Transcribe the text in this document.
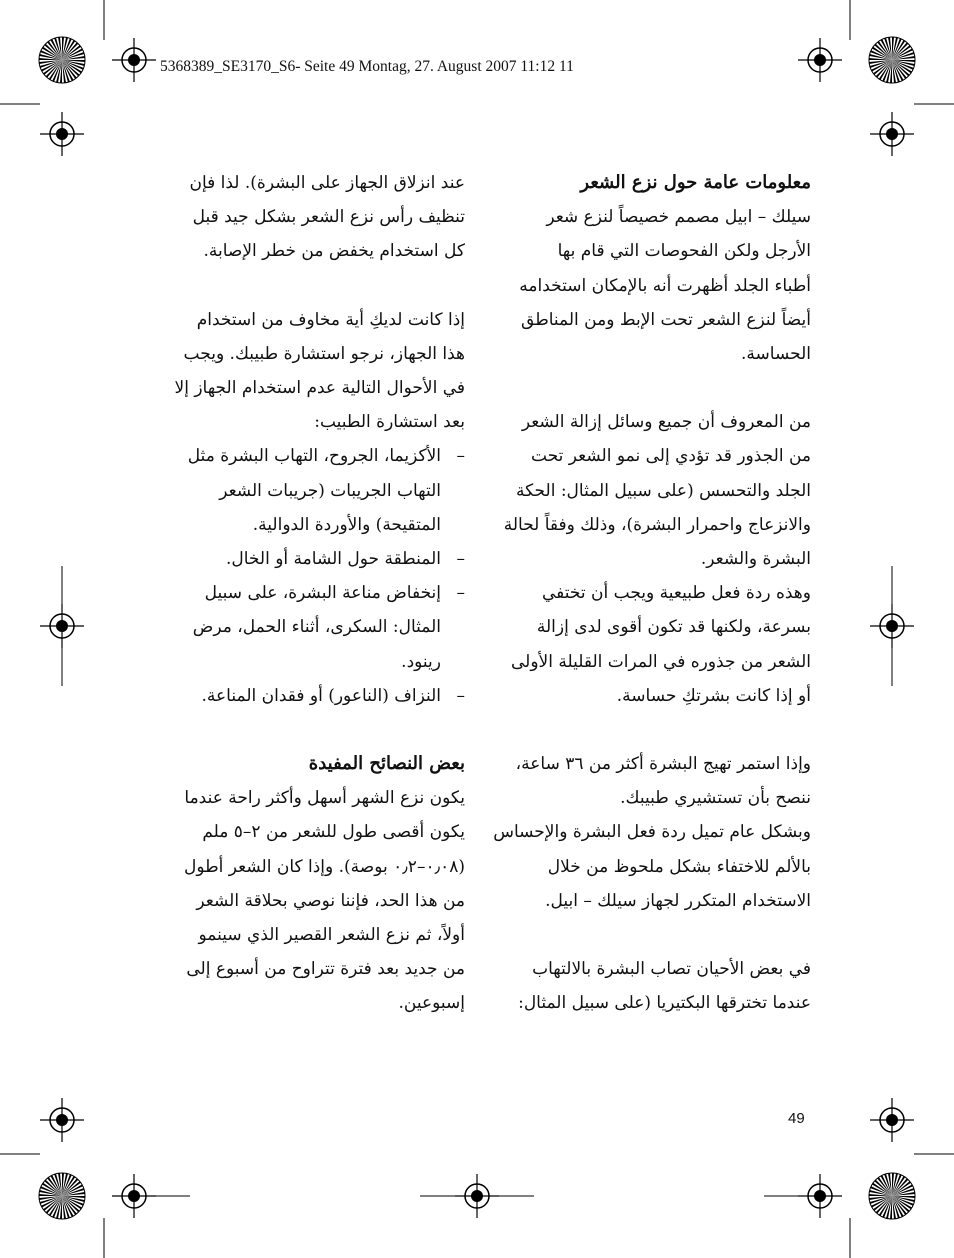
5368389_SE3170_S6- Seite 49 Montag, 27. August 2007 11:12 11
معلومات عامة حول نزع الشعر
سيلك – ابيل مصمم خصيصاً لنزع شعر
الأرجل ولكن الفحوصات التي قام بها
أطباء الجلد أظهرت أنه بالإمكان استخدامه
أيضاً لنزع الشعر تحت الإبط ومن المناطق
الحساسة.
من المعروف أن جميع وسائل إزالة الشعر
من الجذور قد تؤدي إلى نمو الشعر تحت
الجلد والتحسس (على سبيل المثال: الحكة
والانزعاج واحمرار البشرة)، وذلك وفقاً لحالة
البشرة والشعر.
وهذه ردة فعل طبيعية ويجب أن تختفي
بسرعة، ولكنها قد تكون أقوى لدى إزالة
الشعر من جذوره في المرات القليلة الأولى
أو إذا كانت بشرتكِ حساسة.
وإذا استمر تهيج البشرة أكثر من ٣٦ ساعة،
ننصح بأن تستشيري طبيبك.
وبشكل عام تميل ردة فعل البشرة والإحساس
بالألم للاختفاء بشكل ملحوظ من خلال
الاستخدام المتكرر لجهاز سيلك – ابيل.
في بعض الأحيان تصاب البشرة بالالتهاب
عندما تخترقها البكتيريا (على سبيل المثال:
عند انزلاق الجهاز على البشرة). لذا فإن
تنظيف رأس نزع الشعر بشكل جيد قبل
كل استخدام يخفض من خطر الإصابة.
إذا كانت لديكِ أية مخاوف من استخدام
هذا الجهاز، نرجو استشارة طبيبك. ويجب
في الأحوال التالية عدم استخدام الجهاز إلا
بعد استشارة الطبيب:
–
الأكزيما، الجروح، التهاب البشرة مثل
التهاب الجريبات (جريبات الشعر
المتقيحة) والأوردة الدوالية.
–
المنطقة حول الشامة أو الخال.
–
إنخفاض مناعة البشرة، على سبيل
المثال: السكرى، أثناء الحمل، مرض
رينود.
–
النزاف (الناعور) أو فقدان المناعة.
بعض النصائح المفيدة
يكون نزع الشهر أسهل وأكثر راحة عندما
يكون أقصى طول للشعر من ٢–٥ ملم
(٠٫٠٨–٠٫٢ بوصة). وإذا كان الشعر أطول
من هذا الحد، فإننا نوصي بحلاقة الشعر
أولاً، ثم نزع الشعر القصير الذي سينمو
من جديد بعد فترة تتراوح من أسبوع إلى
إسبوعين.
49
